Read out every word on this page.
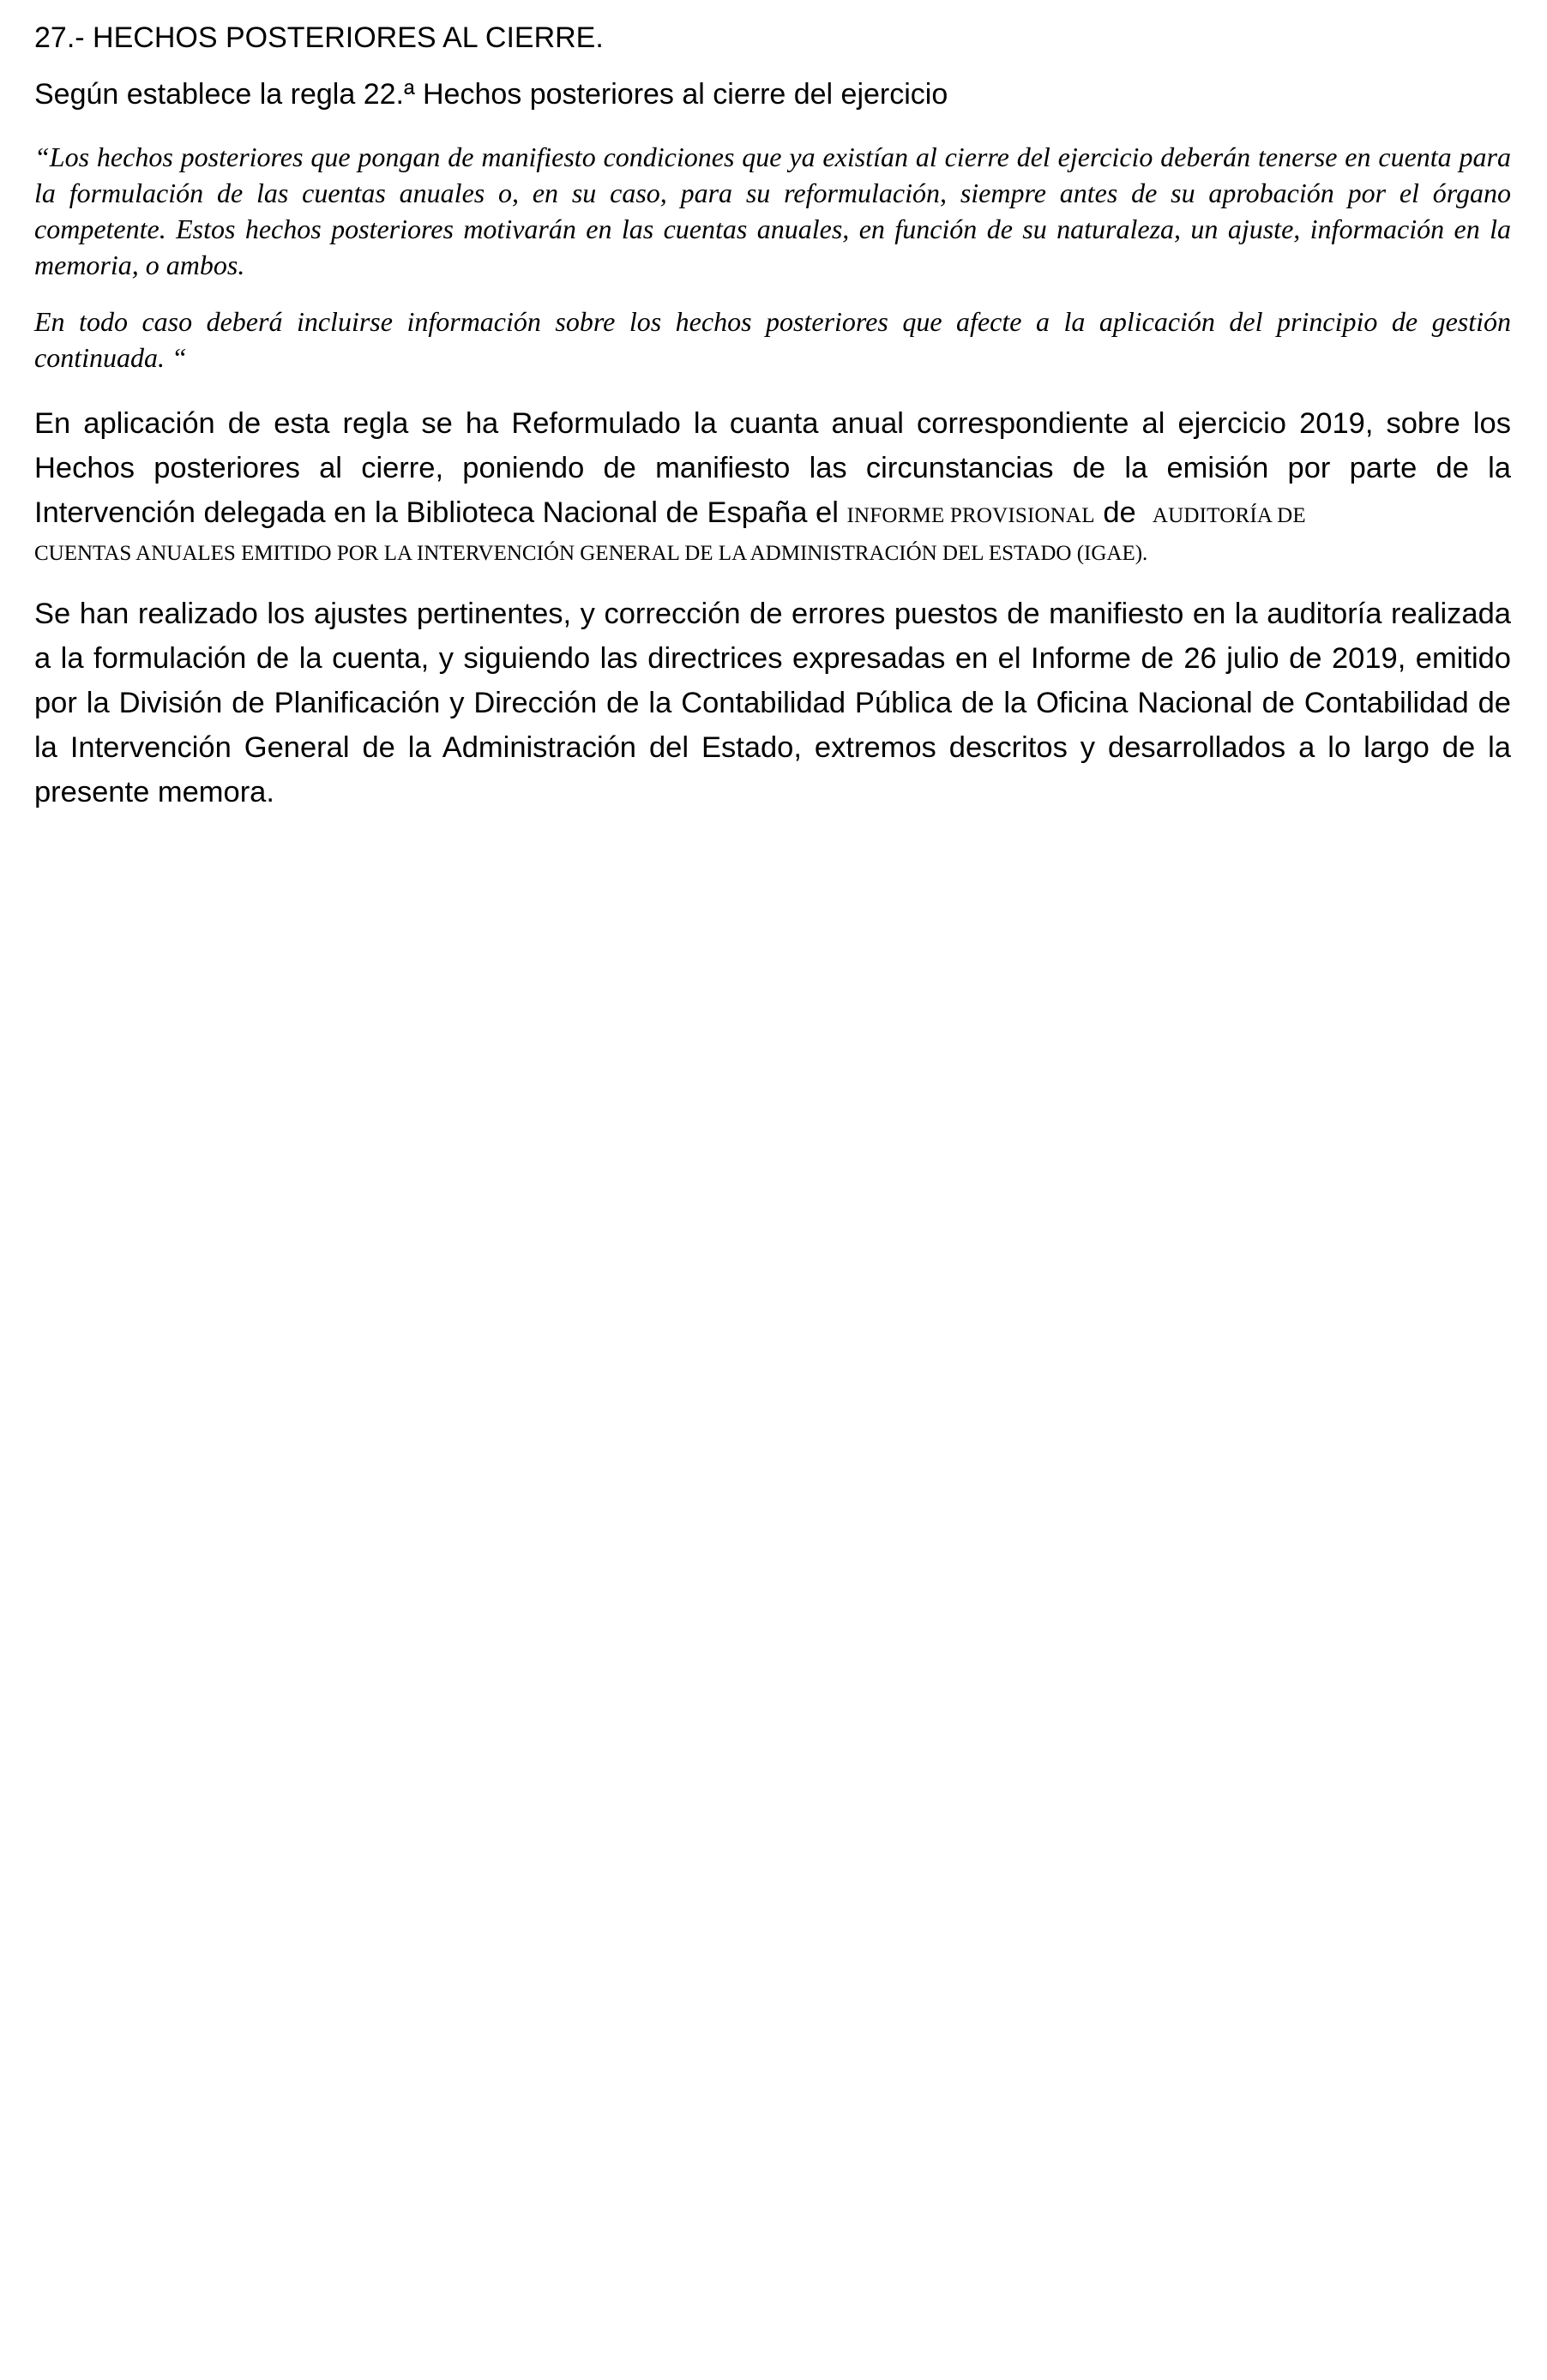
27.- HECHOS POSTERIORES AL CIERRE.

Según establece la regla 22.ª Hechos posteriores al cierre del ejercicio

“Los hechos posteriores que pongan de manifiesto condiciones que ya existían al cierre del ejercicio deberán tenerse en cuenta para la formulación de las cuentas anuales o, en su caso, para su reformulación, siempre antes de su aprobación por el órgano competente. Estos hechos posteriores motivarán en las cuentas anuales, en función de su naturaleza, un ajuste, información en la memoria, o ambos.

En todo caso deberá incluirse información sobre los hechos posteriores que afecte a la aplicación del principio de gestión continuada. “

En aplicación de esta regla se ha Reformulado la cuanta anual correspondiente al ejercicio 2019, sobre los Hechos posteriores al cierre, poniendo de manifiesto las circunstancias de la emisión por parte de la Intervención delegada en la Biblioteca Nacional de España el INFORME PROVISIONAL de AUDITORÍA DE
CUENTAS ANUALES EMITIDO POR LA INTERVENCIÓN GENERAL DE LA ADMINISTRACIÓN DEL ESTADO (IGAE).

Se han realizado los ajustes pertinentes, y corrección de errores puestos de manifiesto en la auditoría realizada a la formulación de la cuenta, y siguiendo las directrices expresadas en el Informe de 26 julio de 2019, emitido por la División de Planificación y Dirección de la Contabilidad Pública de la Oficina Nacional de Contabilidad de la Intervención General de la Administración del Estado, extremos descritos y desarrollados a lo largo de la presente memora.
